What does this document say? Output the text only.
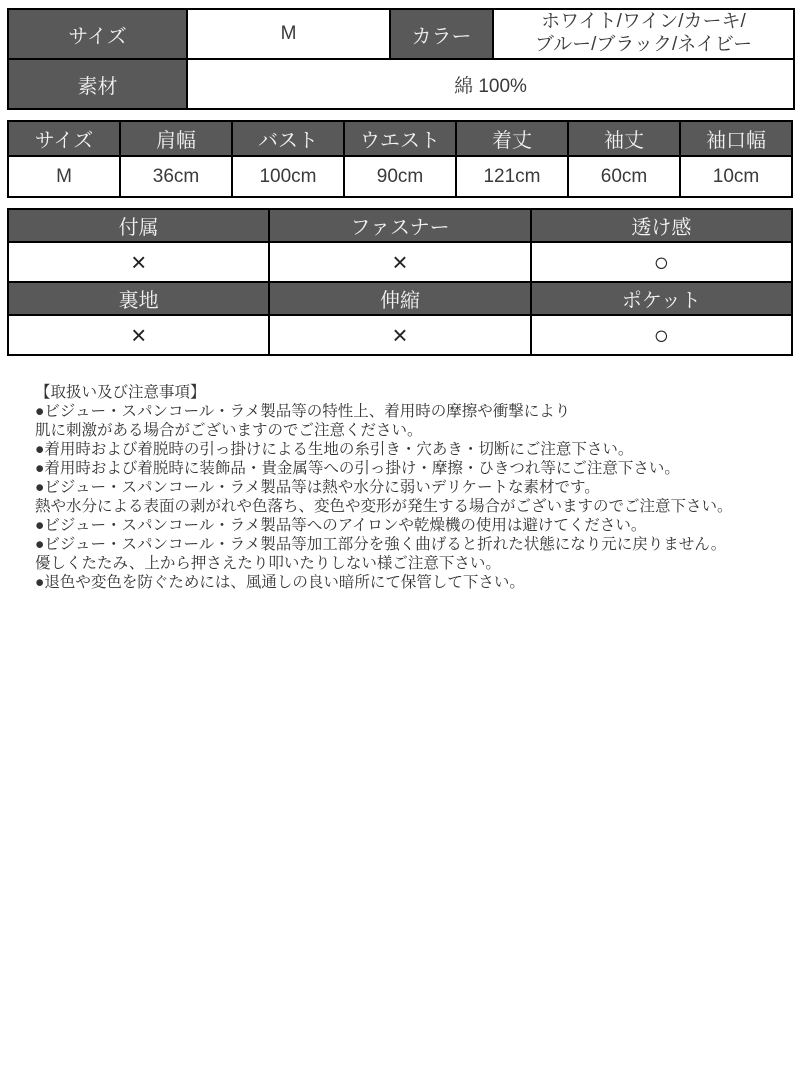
サイズ	M	カラー	ホワイト/ワイン/カーキ/
ブルー/ブラック/ネイビー
素材	綿 100%		
サイズ	肩幅	バスト	ウエスト	着丈	袖丈	袖口幅
M	36cm	100cm	90cm	121cm	60cm	10cm
付属	ファスナー	透け感
×	×	○
裏地	伸縮	ポケット
×	×	○
【取扱い及び注意事項】
●ビジュー・スパンコール・ラメ製品等の特性上、着用時の摩擦や衝撃により
肌に刺激がある場合がございますのでご注意ください。
●着用時および着脱時の引っ掛けによる生地の糸引き・穴あき・切断にご注意下さい。
●着用時および着脱時に装飾品・貴金属等への引っ掛け・摩擦・ひきつれ等にご注意下さい。
●ビジュー・スパンコール・ラメ製品等は熱や水分に弱いデリケートな素材です。
熱や水分による表面の剥がれや色落ち、変色や変形が発生する場合がございますのでご注意下さい。
●ビジュー・スパンコール・ラメ製品等へのアイロンや乾燥機の使用は避けてください。
●ビジュー・スパンコール・ラメ製品等加工部分を強く曲げると折れた状態になり元に戻りません。
優しくたたみ、上から押さえたり叩いたりしない様ご注意下さい。
●退色や変色を防ぐためには、風通しの良い暗所にて保管して下さい。
